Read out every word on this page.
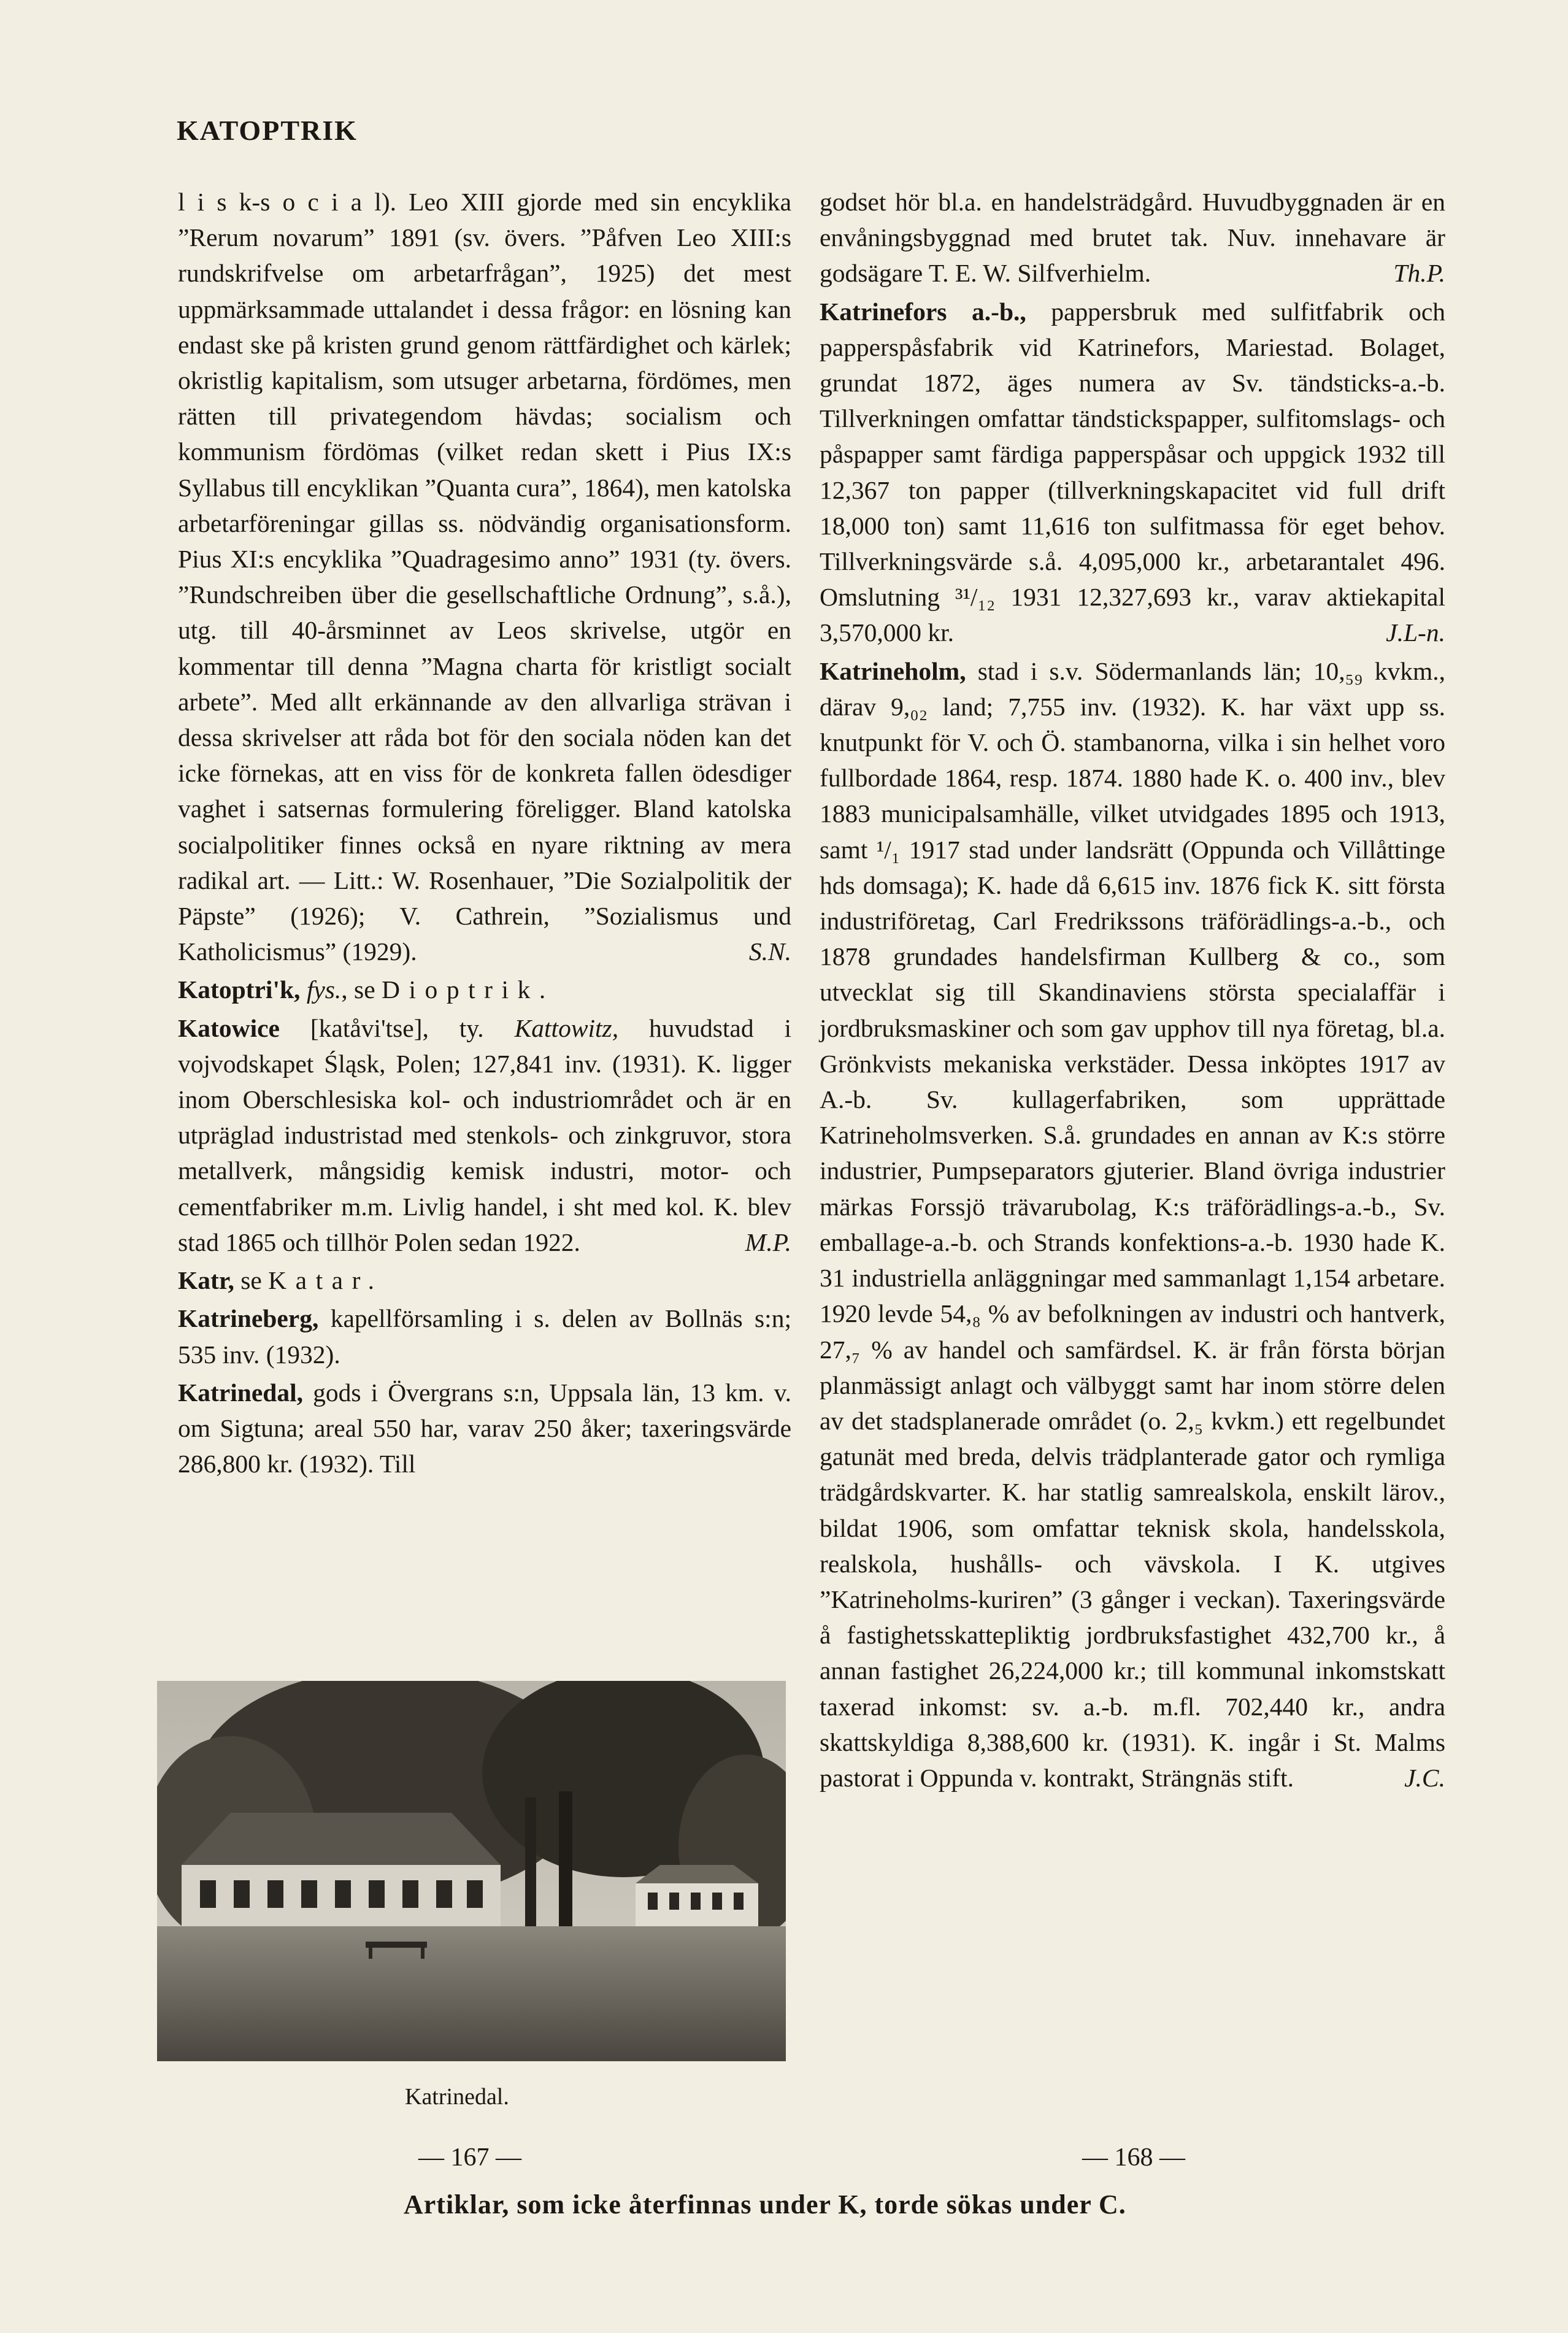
KATOPTRIK

l i s k-s o c i a l). Leo XIII gjorde med sin encyklika ”Rerum novarum” 1891 (sv. övers. ”Påfven Leo XIII:s rundskrifvelse om arbetarfrågan”, 1925) det mest uppmärksammade uttalandet i dessa frågor: en lösning kan endast ske på kristen grund genom rättfärdighet och kärlek; okristlig kapitalism, som utsuger arbetarna, fördömes, men rätten till privategendom hävdas; socialism och kommunism fördömas (vilket redan skett i Pius IX:s Syllabus till encyklikan ”Quanta cura”, 1864), men katolska arbetarföreningar gillas ss. nödvändig organisationsform. Pius XI:s encyklika ”Quadragesimo anno” 1931 (ty. övers. ”Rundschreiben über die gesellschaftliche Ordnung”, s.å.), utg. till 40-årsminnet av Leos skrivelse, utgör en kommentar till denna ”Magna charta för kristligt socialt arbete”. Med allt erkännande av den allvarliga strävan i dessa skrivelser att råda bot för den sociala nöden kan det icke förnekas, att en viss för de konkreta fallen ödesdiger vaghet i satsernas formulering föreligger. Bland katolska socialpolitiker finnes också en nyare riktning av mera radikal art. — Litt.: W. Rosenhauer, ”Die Sozialpolitik der Päpste” (1926); V. Cathrein, ”Sozialismus und Katholicismus” (1929).	S.N.

Katoptri'k, fys., se Dioptrik.

Katowice [katåvi'tse], ty. Kattowitz, huvudstad i vojvodskapet Śląsk, Polen; 127,841 inv. (1931). K. ligger inom Oberschlesiska kol- och industriområdet och är en utpräglad industristad med stenkols- och zinkgruvor, stora metallverk, mångsidig kemisk industri, motor- och cementfabriker m.m. Livlig handel, i sht med kol. K. blev stad 1865 och tillhör Polen sedan 1922.	M.P.

Katr, se Katar.

Katrineberg, kapellförsamling i s. delen av Bollnäs s:n; 535 inv. (1932).

Katrinedal, gods i Övergrans s:n, Uppsala län, 13 km. v. om Sigtuna; areal 550 har, varav 250 åker; taxeringsvärde 286,800 kr. (1932). Till

Katrinedal.

godset hör bl.a. en handelsträdgård. Huvudbyggnaden är en envåningsbyggnad med brutet tak. Nuv. innehavare är godsägare T. E. W. Silfverhielm.	Th.P.

Katrinefors a.-b., pappersbruk med sulfitfabrik och papperspåsfabrik vid Katrinefors, Mariestad. Bolaget, grundat 1872, äges numera av Sv. tändsticks-a.-b. Tillverkningen omfattar tändstickspapper, sulfitomslags- och påspapper samt färdiga papperspåsar och uppgick 1932 till 12,367 ton papper (tillverkningskapacitet vid full drift 18,000 ton) samt 11,616 ton sulfitmassa för eget behov. Tillverkningsvärde s.å. 4,095,000 kr., arbetarantalet 496. Omslutning ³¹/₁₂ 1931 12,327,693 kr., varav aktiekapital 3,570,000 kr.	J.L-n.

Katrineholm, stad i s.v. Södermanlands län; 10,₅₉ kvkm., därav 9,₀₂ land; 7,755 inv. (1932). K. har växt upp ss. knutpunkt för V. och Ö. stambanorna, vilka i sin helhet voro fullbordade 1864, resp. 1874. 1880 hade K. o. 400 inv., blev 1883 municipalsamhälle, vilket utvidgades 1895 och 1913, samt ¹/₁ 1917 stad under landsrätt (Oppunda och Villåttinge hds domsaga); K. hade då 6,615 inv. 1876 fick K. sitt första industriföretag, Carl Fredrikssons träförädlings-a.-b., och 1878 grundades handelsfirman Kullberg & co., som utvecklat sig till Skandinaviens största specialaffär i jordbruksmaskiner och som gav upphov till nya företag, bl.a. Grönkvists mekaniska verkstäder. Dessa inköptes 1917 av A.-b. Sv. kullagerfabriken, som upprättade Katrineholmsverken. S.å. grundades en annan av K:s större industrier, Pumpseparators gjuterier. Bland övriga industrier märkas Forssjö trävarubolag, K:s träförädlings-a.-b., Sv. emballage-a.-b. och Strands konfektions-a.-b. 1930 hade K. 31 industriella anläggningar med sammanlagt 1,154 arbetare. 1920 levde 54,₈ % av befolkningen av industri och hantverk, 27,₇ % av handel och samfärdsel. K. är från första början planmässigt anlagt och välbyggt samt har inom större delen av det stadsplanerade området (o. 2,₅ kvkm.) ett regelbundet gatunät med breda, delvis trädplanterade gator och rymliga trädgårdskvarter. K. har statlig samrealskola, enskilt lärov., bildat 1906, som omfattar teknisk skola, handelsskola, realskola, hushålls- och vävskola. I K. utgives ”Katrineholms-kuriren” (3 gånger i veckan). Taxeringsvärde å fastighetsskattepliktig jordbruksfastighet 432,700 kr., å annan fastighet 26,224,000 kr.; till kommunal inkomstskatt taxerad inkomst: sv. a.-b. m.fl. 702,440 kr., andra skattskyldiga 8,388,600 kr. (1931). K. ingår i St. Malms pastorat i Oppunda v. kontrakt, Strängnäs stift.	J.C.

— 167 —	— 168 —
Artiklar, som icke återfinnas under K, torde sökas under C.
